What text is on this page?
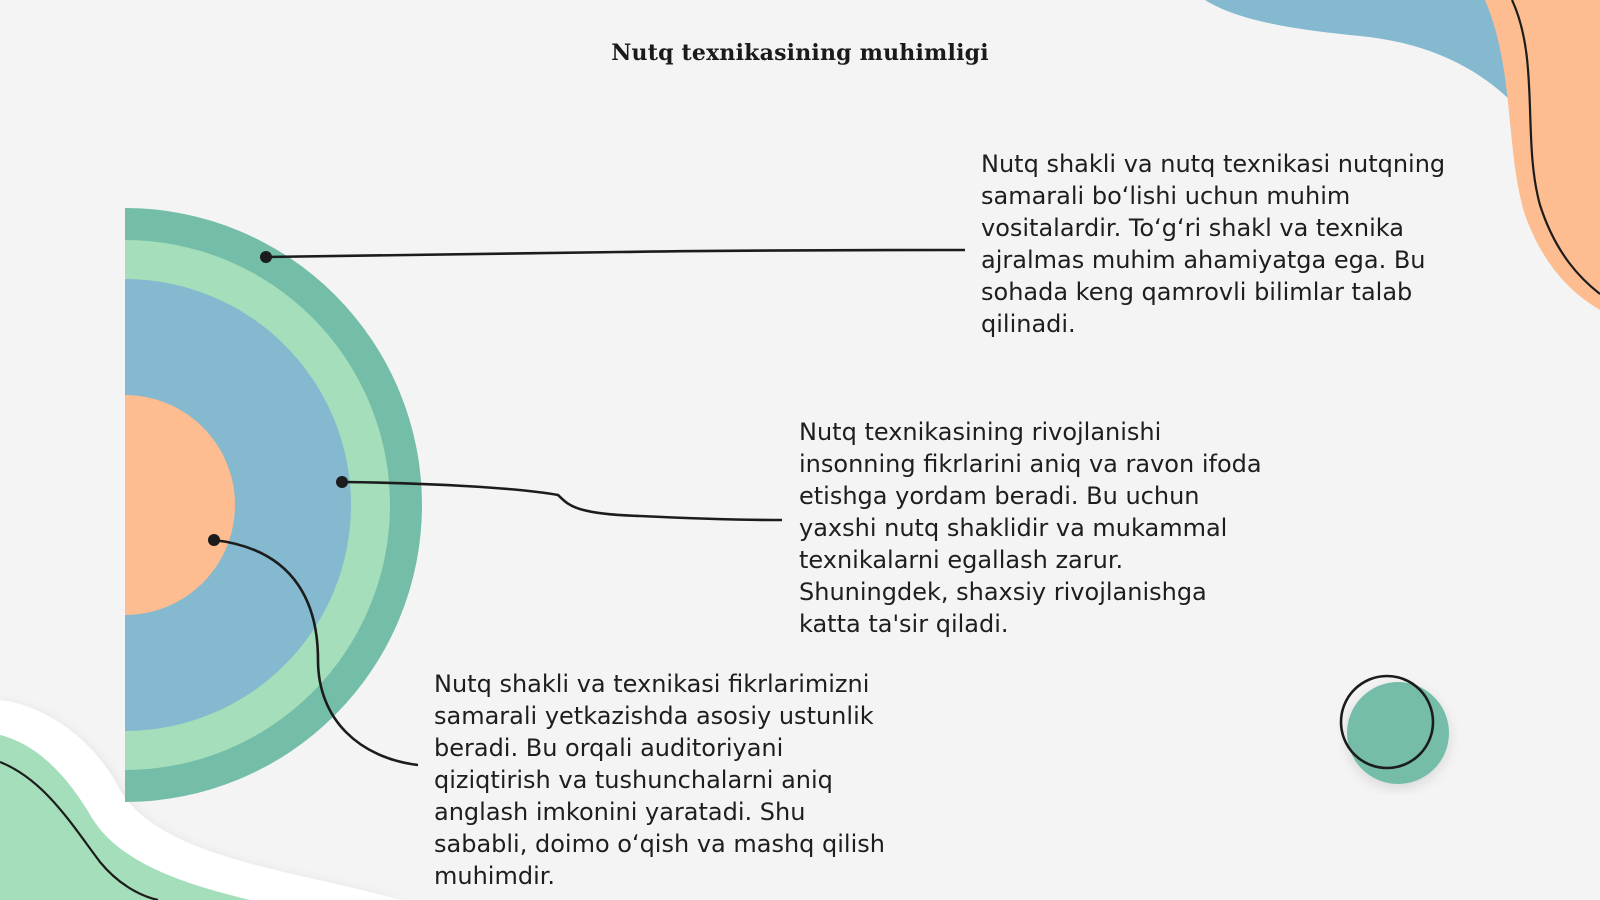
Nutq texnikasining muhimligi

Nutq shakli va nutq texnikasi nutqning
samarali boʻlishi uchun muhim
vositalardir. Toʻgʻri shakl va texnika
ajralmas muhim ahamiyatga ega. Bu
sohada keng qamrovli bilimlar talab
qilinadi.

Nutq texnikasining rivojlanishi
insonning fikrlarini aniq va ravon ifoda
etishga yordam beradi. Bu uchun
yaxshi nutq shaklidir va mukammal
texnikalarni egallash zarur.
Shuningdek, shaxsiy rivojlanishga
katta ta'sir qiladi.

Nutq shakli va texnikasi fikrlarimizni
samarali yetkazishda asosiy ustunlik
beradi. Bu orqali auditoriyani
qiziqtirish va tushunchalarni aniq
anglash imkonini yaratadi. Shu
sababli, doimo oʻqish va mashq qilish
muhimdir.
